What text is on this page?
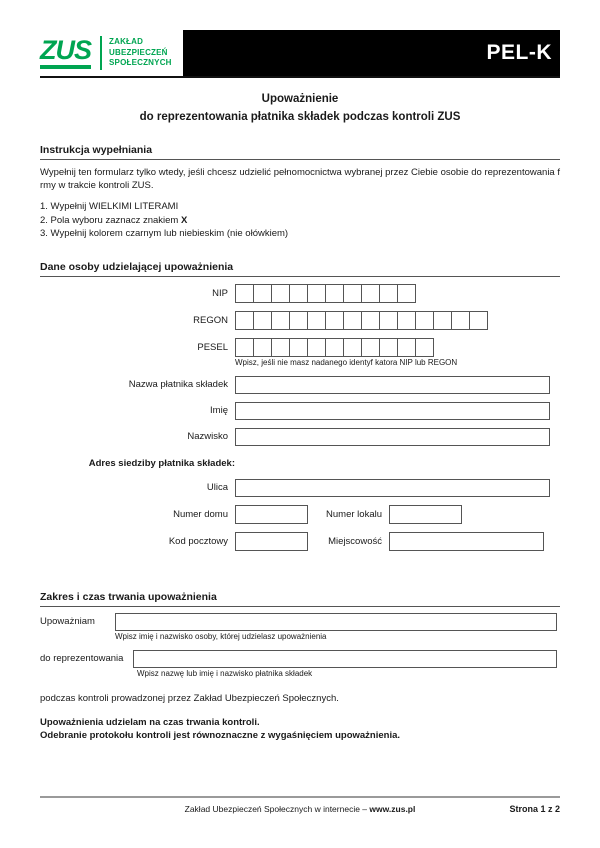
ZUS ZAKŁAD
UBEZPIECZEŃ
SPOŁECZNYCH	PEL-K
Upoważnienie
do reprezentowania płatnika składek podczas kontroli ZUS
Instrukcja wypełniania
Wypełnij ten formularz tylko wtedy, jeśli chcesz udzielić pełnomocnictwa wybranej przez Ciebie osobie do reprezentowania f rmy w trakcie kontroli ZUS.
1. Wypełnij WIELKIMI LITERAMI
2. Pola wyboru zaznacz znakiem X
3. Wypełnij kolorem czarnym lub niebieskim (nie ołówkiem)
Dane osoby udzielającej upoważnienia
NIP
REGON
PESEL
Wpisz, jeśli nie masz nadanego identyf katora NIP lub REGON
Nazwa płatnika składek
Imię
Nazwisko
Adres siedziby płatnika składek:
Ulica
Numer domu	Numer lokalu
Kod pocztowy	Miejscowość
Zakres i czas trwania upoważnienia
Upoważniam
Wpisz imię i nazwisko osoby, której udzielasz upoważnienia
do reprezentowania
Wpisz nazwę lub imię i nazwisko płatnika składek
podczas kontroli prowadzonej przez Zakład Ubezpieczeń Społecznych.
Upoważnienia udzielam na czas trwania kontroli.
Odebranie protokołu kontroli jest równoznaczne z wygaśnięciem upoważnienia.
Zakład Ubezpieczeń Społecznych w internecie – www.zus.pl	Strona 1 z 2
